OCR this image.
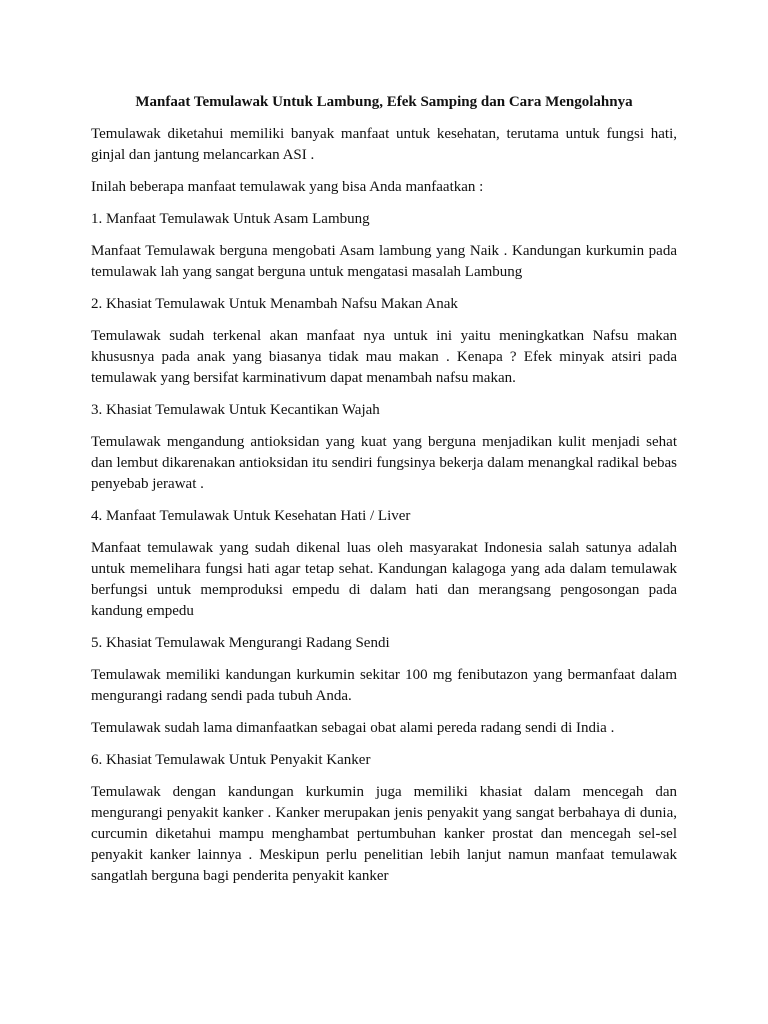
Manfaat Temulawak Untuk Lambung, Efek Samping dan Cara Mengolahnya

Temulawak diketahui memiliki banyak manfaat untuk kesehatan, terutama untuk fungsi hati, ginjal dan jantung melancarkan ASI .

Inilah beberapa manfaat temulawak yang bisa Anda manfaatkan :

1. Manfaat Temulawak Untuk Asam Lambung

Manfaat Temulawak berguna mengobati Asam lambung yang Naik . Kandungan kurkumin pada temulawak lah yang sangat berguna untuk mengatasi masalah Lambung

2. Khasiat Temulawak Untuk Menambah Nafsu Makan Anak

Temulawak sudah terkenal akan manfaat nya untuk ini yaitu meningkatkan Nafsu makan khususnya pada anak yang biasanya tidak mau makan . Kenapa ? Efek minyak atsiri pada temulawak yang bersifat karminativum dapat menambah nafsu makan.

3. Khasiat Temulawak Untuk Kecantikan Wajah

Temulawak mengandung antioksidan yang kuat yang berguna menjadikan kulit menjadi sehat dan lembut dikarenakan antioksidan itu sendiri fungsinya bekerja dalam menangkal radikal bebas penyebab jerawat .

4. Manfaat Temulawak Untuk Kesehatan Hati / Liver

Manfaat temulawak yang sudah dikenal luas oleh masyarakat Indonesia salah satunya adalah untuk memelihara fungsi hati agar tetap sehat. Kandungan kalagoga yang ada dalam temulawak berfungsi untuk memproduksi empedu di dalam hati dan merangsang pengosongan pada kandung empedu

5. Khasiat Temulawak Mengurangi Radang Sendi

Temulawak memiliki kandungan kurkumin sekitar 100 mg fenibutazon yang bermanfaat dalam mengurangi radang sendi pada tubuh Anda.

Temulawak sudah lama dimanfaatkan sebagai obat alami pereda radang sendi di India .

6. Khasiat Temulawak Untuk Penyakit Kanker

Temulawak dengan kandungan kurkumin juga memiliki khasiat dalam mencegah dan mengurangi penyakit kanker . Kanker merupakan jenis penyakit yang sangat berbahaya di dunia, curcumin diketahui mampu menghambat pertumbuhan kanker prostat dan mencegah sel-sel penyakit kanker lainnya . Meskipun perlu penelitian lebih lanjut namun manfaat temulawak sangatlah berguna bagi penderita penyakit kanker
